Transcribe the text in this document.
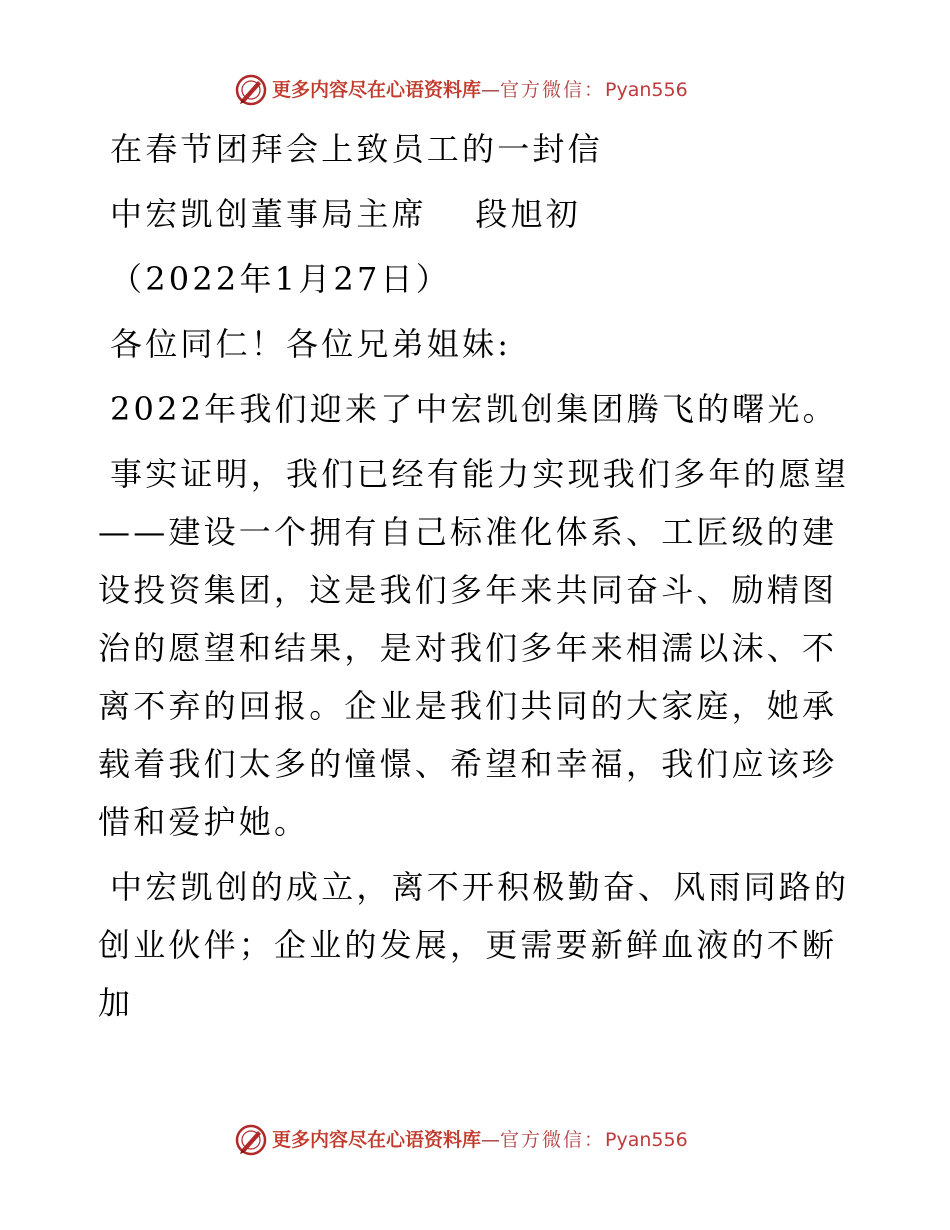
更多内容尽在心语资料库—官方微信：Pyan556

在春节团拜会上致员工的一封信

中宏凯创董事局主席　 段旭初

（2022年1月27日）

各位同仁！各位兄弟姐妹:

2022年我们迎来了中宏凯创集团腾飞的曙光。

事实证明，我们已经有能力实现我们多年的愿望——建设一个拥有自己标准化体系、工匠级的建设投资集团，这是我们多年来共同奋斗、励精图治的愿望和结果，是对我们多年来相濡以沫、不离不弃的回报。企业是我们共同的大家庭，她承载着我们太多的憧憬、希望和幸福，我们应该珍惜和爱护她。

中宏凯创的成立，离不开积极勤奋、风雨同路的创业伙伴；企业的发展，更需要新鲜血液的不断加

更多内容尽在心语资料库—官方微信：Pyan556
